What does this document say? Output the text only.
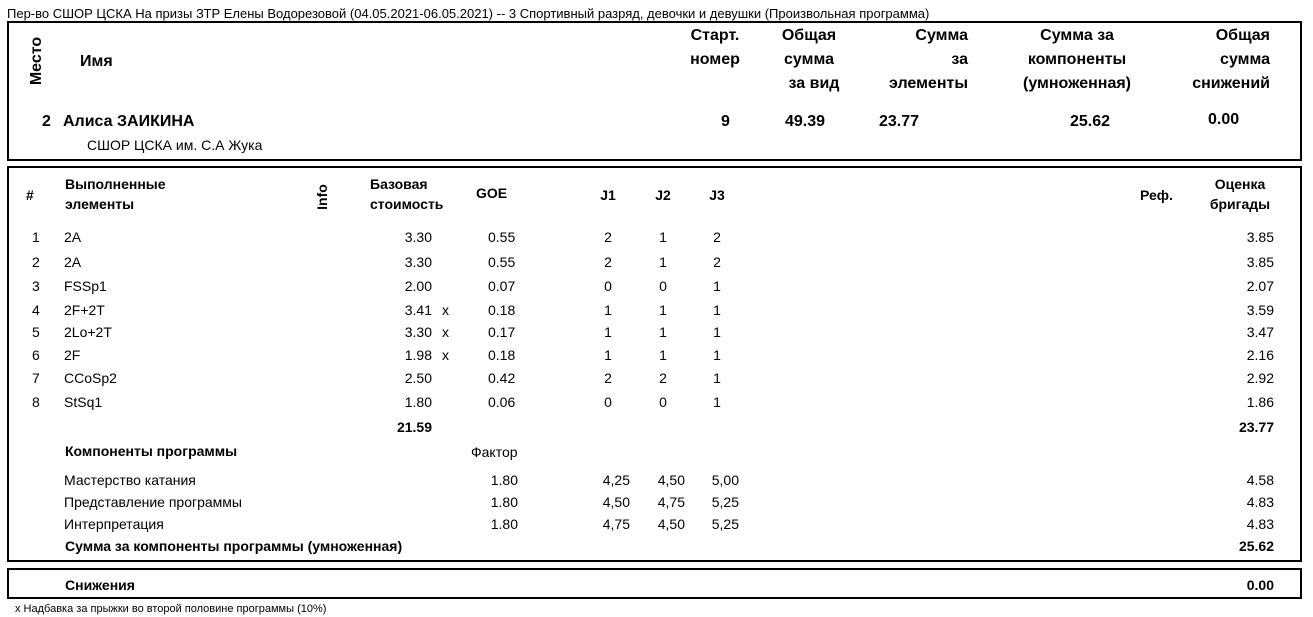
Пер-во СШОР ЦСКА На призы ЗТР Елены Водорезовой (04.05.2021-06.05.2021) -- 3 Спортивный разряд, девочки и девушки (Произвольная программа)
Место Имя
Старт.
номер
Общая
сумма
за вид
Сумма
за
элементы
Сумма за
компоненты
(умноженная)
Общая
сумма
снижений
2 Алиса ЗАИКИНА
СШОР ЦСКА им. С.А Жука
9	49.39	23.77	25.62	0.00
#
Выполненные
элементы	Info
Базовая
стоимость
GOE	J1	J2	J3	Реф.
Оценка
бригады
1 2A	3.30	0.55	2	1	2	3.85
2 2A	3.30	0.55	2	1	2	3.85
3 FSSp1	2.00	0.07	0	0	1	2.07
4 2F+2T	3.41 x	0.18	1	1	1	3.59
5 2Lo+2T	3.30 x	0.17	1	1	1	3.47
6 2F	1.98 x	0.18	1	1	1	2.16
7 CCoSp2	2.50	0.42	2	2	1	2.92
8 StSq1	1.80	0.06	0	0	1	1.86
21.59	23.77
Компоненты программы	Фактор
Мастерство катания	1.80	4,25	4,50	5,00	4.58
Представление программы	1.80	4,50	4,75	5,25	4.83
Интерпретация	1.80	4,75	4,50	5,25	4.83
Сумма за компоненты программы (умноженная)	25.62
Снижения	0.00
x Надбавка за прыжки во второй половине программы (10%)
